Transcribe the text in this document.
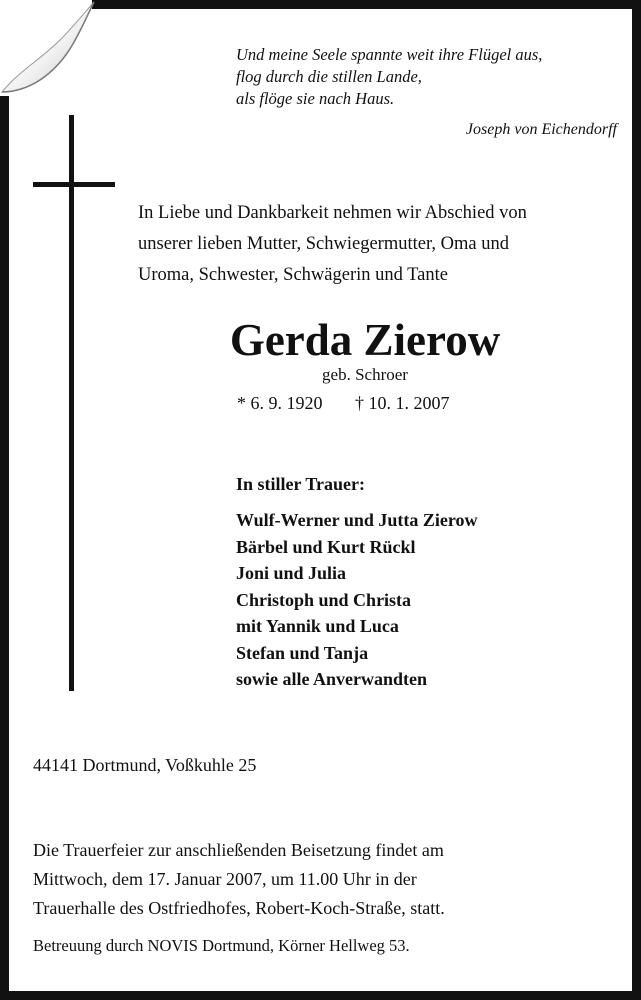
Und meine Seele spannte weit ihre Flügel aus,
flog durch die stillen Lande,
als flöge sie nach Haus.
Joseph von Eichendorff
In Liebe und Dankbarkeit nehmen wir Abschied von
unserer lieben Mutter, Schwiegermutter, Oma und
Uroma, Schwester, Schwägerin und Tante
Gerda Zierow
geb. Schroer
* 6. 9. 1920 † 10. 1. 2007
In stiller Trauer:
Wulf-Werner und Jutta Zierow
Bärbel und Kurt Rückl
Joni und Julia
Christoph und Christa
mit Yannik und Luca
Stefan und Tanja
sowie alle Anverwandten
44141 Dortmund, Voßkuhle 25
Die Trauerfeier zur anschließenden Beisetzung findet am
Mittwoch, dem 17. Januar 2007, um 11.00 Uhr in der
Trauerhalle des Ostfriedhofes, Robert-Koch-Straße, statt.
Betreuung durch NOVIS Dortmund, Körner Hellweg 53.
